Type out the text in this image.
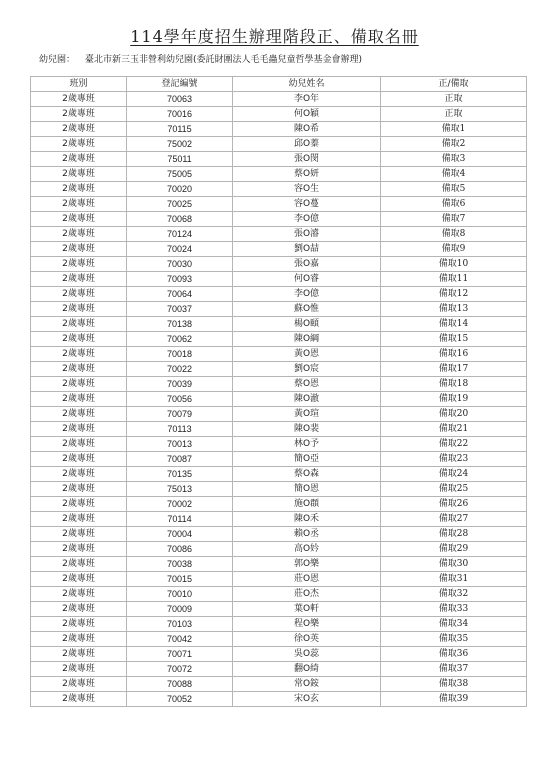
114學年度招生辦理階段正、備取名冊
幼兒園： 臺北市新三玉非營利幼兒園(委託財團法人毛毛蟲兒童哲學基金會辦理)
班別	登記編號	幼兒姓名	正/備取
2歲專班	70063	李O年	正取
2歲專班	70016	何O穎	正取
2歲專班	70115	陳O希	備取1
2歲專班	75002	邱O蓁	備取2
2歲專班	75011	張O閔	備取3
2歲專班	75005	蔡O妍	備取4
2歲專班	70020	容O生	備取5
2歲專班	70025	容O蔓	備取6
2歲專班	70068	李O億	備取7
2歲專班	70124	張O濬	備取8
2歲專班	70024	劉O喆	備取9
2歲專班	70030	張O嘉	備取10
2歲專班	70093	何O睿	備取11
2歲專班	70064	李O億	備取12
2歲專班	70037	蘇O惟	備取13
2歲專班	70138	楊O頤	備取14
2歲專班	70062	陳O綱	備取15
2歲專班	70018	黃O恩	備取16
2歲專班	70022	劉O宸	備取17
2歲專班	70039	蔡O恩	備取18
2歲專班	70056	陳O澈	備取19
2歲專班	70079	黃O瑄	備取20
2歲專班	70113	陳O裴	備取21
2歲專班	70013	林O予	備取22
2歲專班	70087	簡O亞	備取23
2歲專班	70135	蔡O森	備取24
2歲專班	75013	簡O恩	備取25
2歲專班	70002	施O頵	備取26
2歲專班	70114	陳O禾	備取27
2歲專班	70004	賴O丞	備取28
2歲專班	70086	高O妗	備取29
2歲專班	70038	郭O樂	備取30
2歲專班	70015	莊O恩	備取31
2歲專班	70010	莊O杰	備取32
2歲專班	70009	葉O軒	備取33
2歲專班	70103	程O樂	備取34
2歲專班	70042	徐O英	備取35
2歲專班	70071	吳O蕊	備取36
2歲專班	70072	翻O綺	備取37
2歲專班	70088	常O銨	備取38
2歲專班	70052	宋O玄	備取39
